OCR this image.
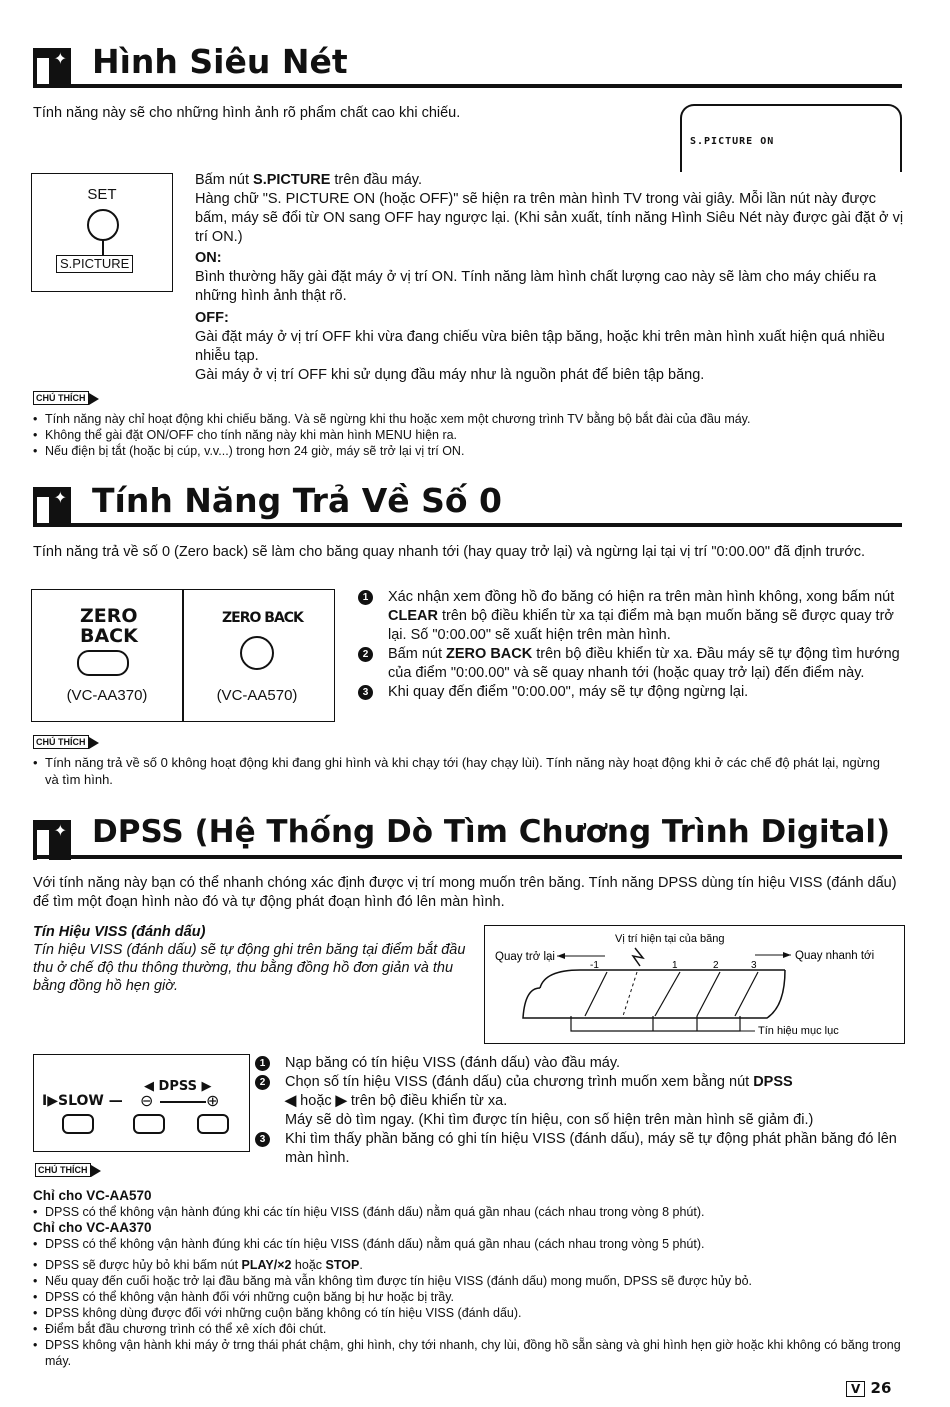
✦ Hình Siêu Nét
Tính năng này sẽ cho những hình ảnh rõ phẩm chất cao khi chiếu.
S.PICTURE ON
SET
S.PICTURE

Bấm nút S.PICTURE trên đầu máy.

Hàng chữ "S. PICTURE ON (hoặc OFF)" sẽ hiện ra trên màn hình TV trong vài giây. Mỗi lần nút này được bấm, máy sẽ đổi từ ON sang OFF hay ngược lại. (Khi sản xuất, tính năng Hình Siêu Nét này được gài đặt ở vị trí ON.)

ON:

Bình thường hãy gài đặt máy ở vị trí ON. Tính năng làm hình chất lượng cao này sẽ làm cho máy chiếu ra những hình ảnh thật rõ.

OFF:

Gài đặt máy ở vị trí OFF khi vừa đang chiếu vừa biên tập băng, hoặc khi trên màn hình xuất hiện quá nhiều nhiễu tạp.

Gài máy ở vị trí OFF khi sử dụng đầu máy như là nguồn phát để biên tập băng.

CHÚ THÍCH
• Tính năng này chỉ hoạt động khi chiếu băng. Và sẽ ngừng khi thu hoặc xem một chương trình TV bằng bộ bắt đài của đầu máy.
• Không thể gài đặt ON/OFF cho tính năng này khi màn hình MENU hiện ra.
• Nếu điện bị tắt (hoặc bị cúp, v.v...) trong hơn 24 giờ, máy sẽ trở lại vị trí ON.
✦ Tính Năng Trả Về Số 0
Tính năng trả về số 0 (Zero back) sẽ làm cho băng quay nhanh tới (hay quay trở lại) và ngừng lại tại vị trí "0:00.00" đã định trước.
ZERO
BACK
(VC-AA370)
ZERO BACK
(VC-AA570)
1	Xác nhận xem đồng hồ đo băng có hiện ra trên màn hình không, xong bấm nút CLEAR trên bộ điều khiển từ xa tại điểm mà bạn muốn băng sẽ được quay trở lại. Số "0:00.00" sẽ xuất hiện trên màn hình.
2	Bấm nút ZERO BACK trên bộ điều khiển từ xa. Đầu máy sẽ tự động tìm hướng của điểm "0:00.00" và sẽ quay nhanh tới (hoặc quay trở lại) đến điểm này.
3	Khi quay đến điểm "0:00.00", máy sẽ tự động ngừng lại.
CHÚ THÍCH
• Tính năng trả về số 0 không hoạt động khi đang ghi hình và khi chạy tới (hay chạy lùi). Tính năng này hoạt động khi ở các chế độ phát lại, ngừng và tìm hình.
✦ DPSS (Hệ Thống Dò Tìm Chương Trình Digital)
Với tính năng này bạn có thể nhanh chóng xác định được vị trí mong muốn trên băng. Tính năng DPSS dùng tín hiệu VISS (đánh dấu) để tìm một đoạn hình nào đó và tự động phát đoạn hình đó lên màn hình.
Tín Hiệu VISS (đánh dấu)
Tín hiệu VISS (đánh dấu) sẽ tự động ghi trên băng tại điểm bắt đầu thu ở chế độ thu thông thường, thu bằng đồng hồ đơn giản và thu bằng đồng hồ hẹn giờ.
Vị trí hiện tại của băng
Quay trở lại	Quay nhanh tới
-1	1	2	3
Tín hiệu mục lục
◀ DPSS ▶
I▶SLOW — ⊖	⊕
1	Nạp băng có tín hiệu VISS (đánh dấu) vào đầu máy.
2	Chọn số tín hiệu VISS (đánh dấu) của chương trình muốn xem bằng nút DPSS
◀ hoặc ▶ trên bộ điều khiển từ xa.
Máy sẽ dò tìm ngay. (Khi tìm được tín hiệu, con số hiện trên màn hình sẽ giảm đi.)
3	Khi tìm thấy phần băng có ghi tín hiệu VISS (đánh dấu), máy sẽ tự động phát phần băng đó lên màn hình.
CHÚ THÍCH
Chỉ cho VC-AA570
• DPSS có thể không vận hành đúng khi các tín hiệu VISS (đánh dấu) nằm quá gần nhau (cách nhau trong vòng 8 phút).
Chỉ cho VC-AA370
• DPSS có thể không vận hành đúng khi các tín hiệu VISS (đánh dấu) nằm quá gần nhau (cách nhau trong vòng 5 phút).
• DPSS sẽ được hủy bỏ khi bấm nút PLAY/×2 hoặc STOP.
• Nếu quay đến cuối hoặc trở lại đầu băng mà vẫn không tìm được tín hiệu VISS (đánh dấu) mong muốn, DPSS sẽ được hủy bỏ.
• DPSS có thể không vận hành đối với những cuộn băng bị hư hoặc bị trầy.
• DPSS không dùng được đối với những cuộn băng không có tín hiệu VISS (đánh dấu).
• Điểm bắt đầu chương trình có thể xê xích đôi chút.
• DPSS không vận hành khi máy ở trng thái phát chậm, ghi hình, chy tới nhanh, chy lùi, đồng hồ sẵn sàng và ghi hình hẹn giờ hoặc khi không có băng trong máy.
V 26
